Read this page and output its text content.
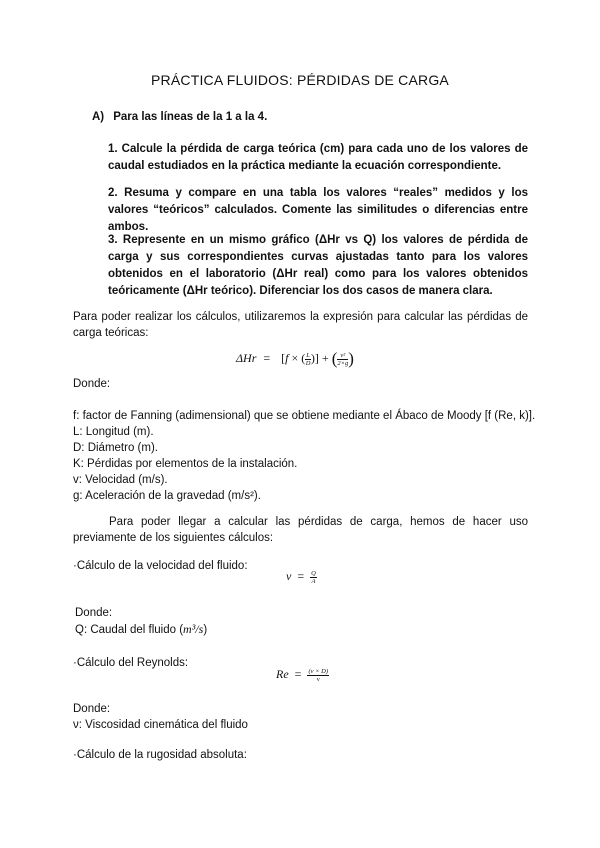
PRÁCTICA FLUIDOS: PÉRDIDAS DE CARGA
A) Para las líneas de la 1 a la 4.
1. Calcule la pérdida de carga teórica (cm) para cada uno de los valores de caudal estudiados en la práctica mediante la ecuación correspondiente.
2. Resuma y compare en una tabla los valores “reales” medidos y los valores “teóricos” calculados. Comente las similitudes o diferencias entre ambos.
3. Represente en un mismo gráfico (ΔHr vs Q) los valores de pérdida de carga y sus correspondientes curvas ajustadas tanto para los valores obtenidos en el laboratorio (ΔHr real) como para los valores obtenidos teóricamente (ΔHr teórico). Diferenciar los dos casos de manera clara.
Para poder realizar los cálculos, utilizaremos la expresión para calcular las pérdidas de carga teóricas:
ΔHr = [f × ( $\frac{L}{D}$ )] + ( $\frac{\text{v²}}{2\times g}$ )
Donde:
f: factor de Fanning (adimensional) que se obtiene mediante el Ábaco de Moody [f (Re, k)].
L: Longitud (m).
D: Diámetro (m).
K: Pérdidas por elementos de la instalación.
v: Velocidad (m/s).
g: Aceleración de la gravedad (m/s²).
Para poder llegar a calcular las pérdidas de carga, hemos de hacer uso previamente de los siguientes cálculos:
·Cálculo de la velocidad del fluido:
$v = \frac{Q}{A}$
Donde:
Q: Caudal del fluido (m³/s)
·Cálculo del Reynolds:
$Re = \frac{(v \times D)}{\nu}$
Donde:
ν: Viscosidad cinemática del fluido
·Cálculo de la rugosidad absoluta:
